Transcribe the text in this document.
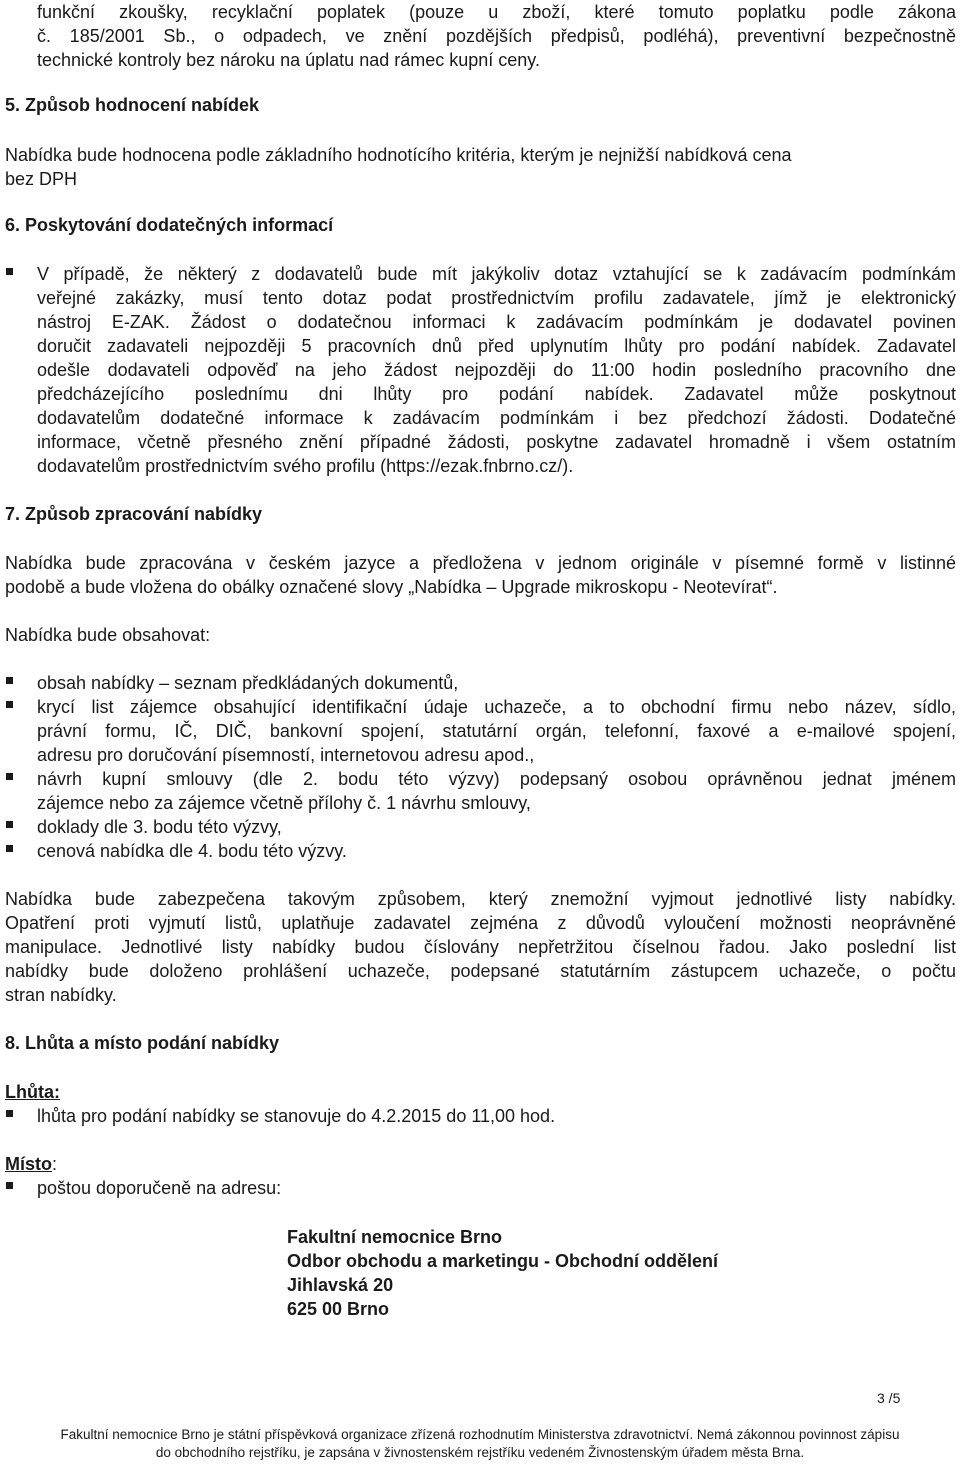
funkční zkoušky, recyklační poplatek (pouze u zboží, které tomuto poplatku podle zákona
č. 185/2001 Sb., o odpadech, ve znění pozdějších předpisů, podléhá), preventivní bezpečnostně
technické kontroly bez nároku na úplatu nad rámec kupní ceny.
5. Způsob hodnocení nabídek
Nabídka bude hodnocena podle základního hodnotícího kritéria, kterým je nejnižší nabídková cena
bez DPH
6. Poskytování dodatečných informací
V případě, že některý z dodavatelů bude mít jakýkoliv dotaz vztahující se k zadávacím podmínkám
veřejné zakázky, musí tento dotaz podat prostřednictvím profilu zadavatele, jímž je elektronický
nástroj E-ZAK. Žádost o dodatečnou informaci k zadávacím podmínkám je dodavatel povinen
doručit zadavateli nejpozději 5 pracovních dnů před uplynutím lhůty pro podání nabídek. Zadavatel
odešle dodavateli odpověď na jeho žádost nejpozději do 11:00 hodin posledního pracovního dne
předcházejícího poslednímu dni lhůty pro podání nabídek. Zadavatel může poskytnout
dodavatelům dodatečné informace k zadávacím podmínkám i bez předchozí žádosti. Dodatečné
informace, včetně přesného znění případné žádosti, poskytne zadavatel hromadně i všem ostatním
dodavatelům prostřednictvím svého profilu (https://ezak.fnbrno.cz/).
7. Způsob zpracování nabídky
Nabídka bude zpracována v českém jazyce a předložena v jednom originále v písemné formě v listinné
podobě a bude vložena do obálky označené slovy „Nabídka – Upgrade mikroskopu - Neotevírat“.
Nabídka bude obsahovat:
obsah nabídky – seznam předkládaných dokumentů,
krycí list zájemce obsahující identifikační údaje uchazeče, a to obchodní firmu nebo název, sídlo,
právní formu, IČ, DIČ, bankovní spojení, statutární orgán, telefonní, faxové a e-mailové spojení,
adresu pro doručování písemností, internetovou adresu apod.,
návrh kupní smlouvy (dle 2. bodu této výzvy) podepsaný osobou oprávněnou jednat jménem
zájemce nebo za zájemce včetně přílohy č. 1 návrhu smlouvy,
doklady dle 3. bodu této výzvy,
cenová nabídka dle 4. bodu této výzvy.
Nabídka bude zabezpečena takovým způsobem, který znemožní vyjmout jednotlivé listy nabídky.
Opatření proti vyjmutí listů, uplatňuje zadavatel zejména z důvodů vyloučení možnosti neoprávněné
manipulace. Jednotlivé listy nabídky budou číslovány nepřetržitou číselnou řadou. Jako poslední list
nabídky bude doloženo prohlášení uchazeče, podepsané statutárním zástupcem uchazeče, o počtu
stran nabídky.
8. Lhůta a místo podání nabídky
Lhůta:
lhůta pro podání nabídky se stanovuje do 4.2.2015 do 11,00 hod.
Místo:
poštou doporučeně na adresu:
Fakultní nemocnice Brno
Odbor obchodu a marketingu - Obchodní oddělení
Jihlavská 20
625 00 Brno
3 /5
Fakultní nemocnice Brno je státní příspěvková organizace zřízená rozhodnutím Ministerstva zdravotnictví. Nemá zákonnou povinnost zápisu
do obchodního rejstříku, je zapsána v živnostenském rejstříku vedeném Živnostenským úřadem města Brna.
